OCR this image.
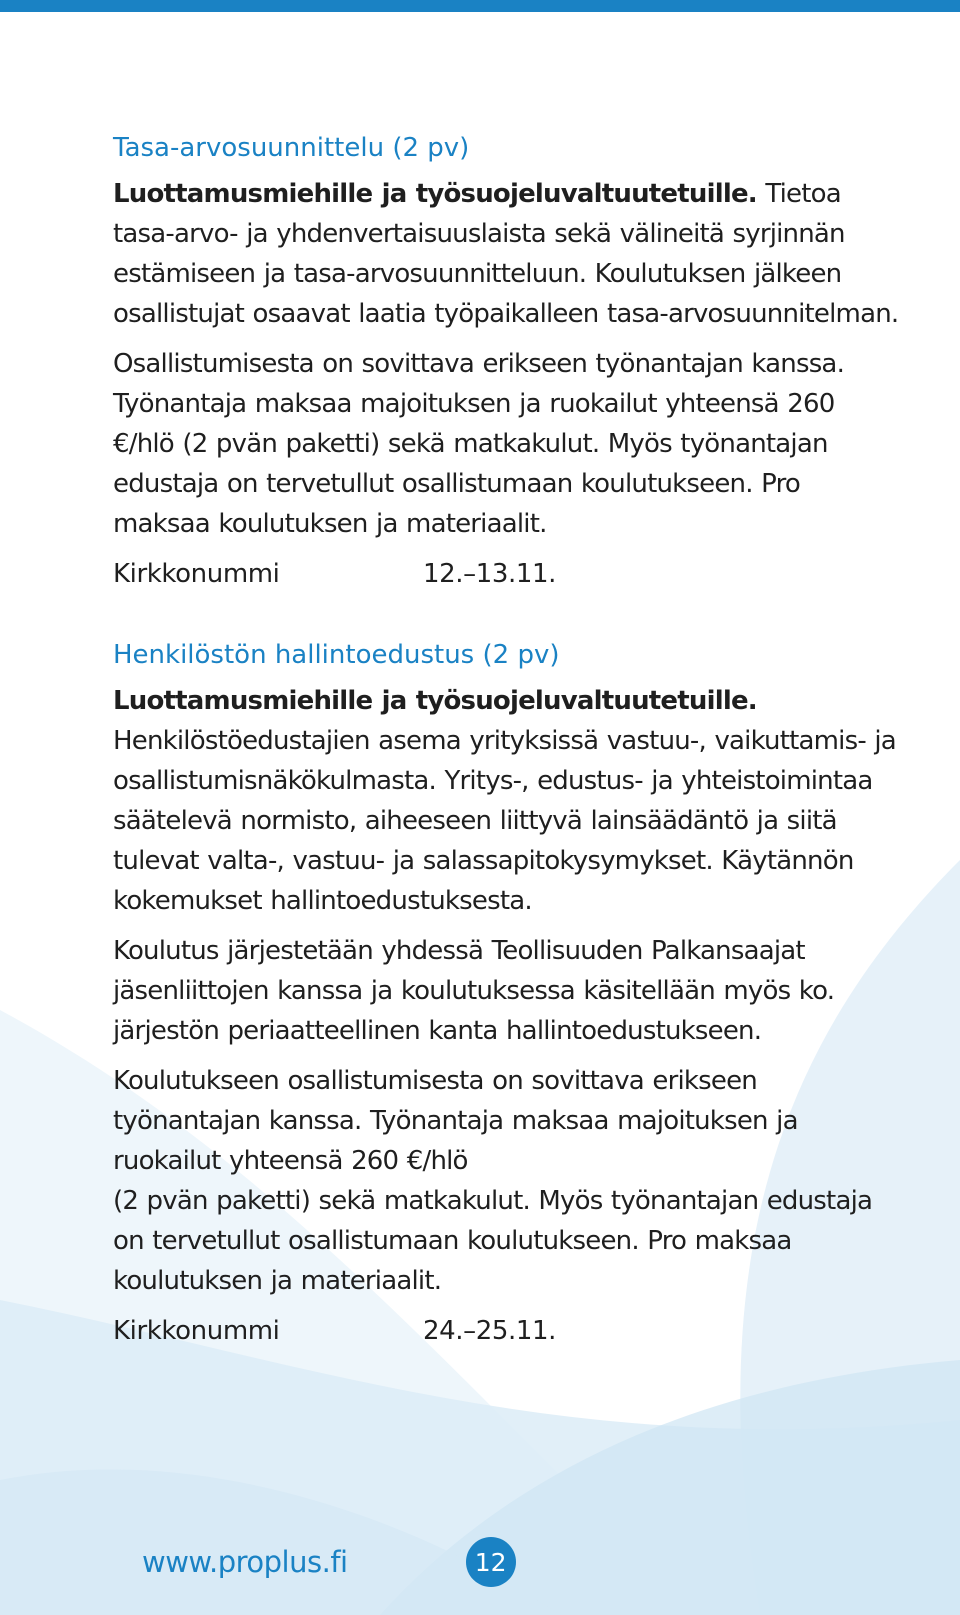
Tasa-arvosuunnittelu (2 pv)

Luottamusmiehille ja työsuojeluvaltuutetuille. Tietoa tasa-arvo- ja yhdenvertaisuuslaista sekä välineitä syrjinnän estämiseen ja tasa-arvosuunnitteluun. Koulutuksen jälkeen osallistujat osaavat laatia työpaikalleen tasa-arvosuunnitelman.

Osallistumisesta on sovittava erikseen työnantajan kanssa. Työnantaja maksaa majoituksen ja ruokailut yhteensä 260 €/hlö (2 pvän paketti) sekä matkakulut. Myös työnantajan edustaja on tervetullut osallistumaan koulutukseen. Pro maksaa koulutuksen ja materiaalit.

Kirkkonummi	12.–13.11.
Henkilöstön hallintoedustus (2 pv)

Luottamusmiehille ja työsuojeluvaltuutetuille. Henkilöstöedustajien asema yrityksissä vastuu-, vaikuttamis- ja osallistumisnäkökulmasta. Yritys-, edustus- ja yhteistoimintaa säätelevä normisto, aiheeseen liittyvä lainsäädäntö ja siitä tulevat valta-, vastuu- ja salassapitokysymykset. Käytännön kokemukset hallintoedustuksesta.

Koulutus järjestetään yhdessä Teollisuuden Palkansaajat jäsenliittojen kanssa ja koulutuksessa käsitellään myös ko. järjestön periaatteellinen kanta hallintoedustukseen.

Koulutukseen osallistumisesta on sovittava erikseen työnantajan kanssa. Työnantaja maksaa majoituksen ja ruokailut yhteensä 260 €/hlö
(2 pvän paketti) sekä matkakulut. Myös työnantajan edustaja on tervetullut osallistumaan koulutukseen. Pro maksaa koulutuksen ja materiaalit.

Kirkkonummi	24.–25.11.
www.proplus.fi	12
